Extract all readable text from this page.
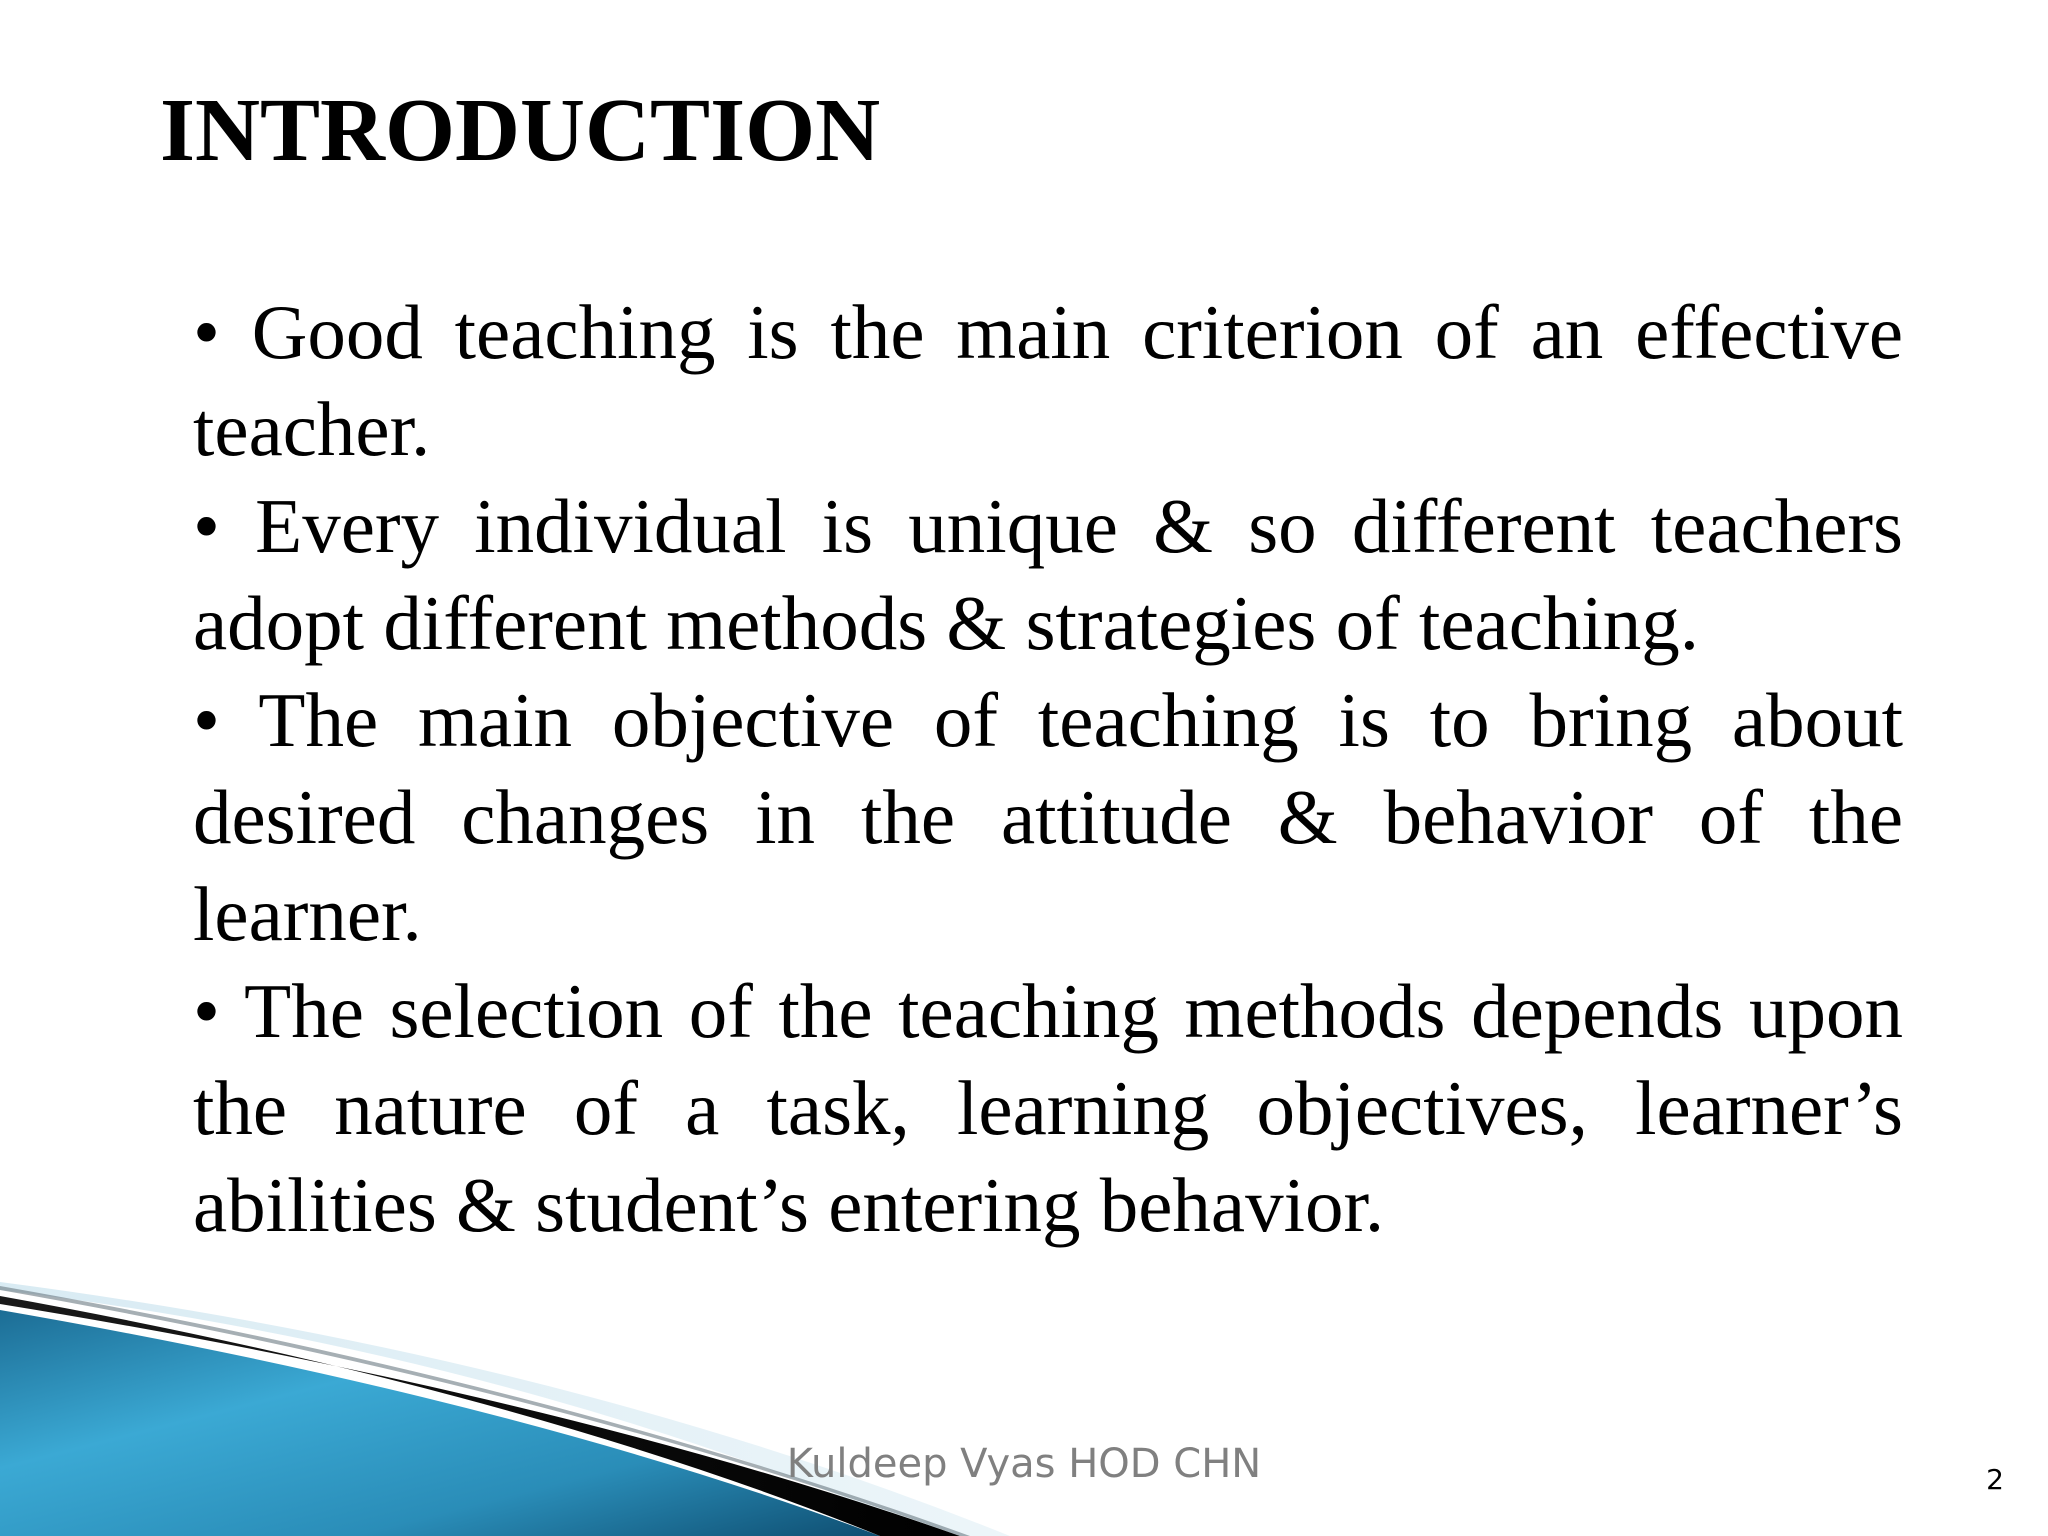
INTRODUCTION

• Good teaching is the main criterion of an effective teacher.

• Every individual is unique & so different teachers adopt different methods & strategies of teaching.

• The main objective of teaching is to bring about desired changes in the attitude & behavior of the learner.

• The selection of the teaching methods depends upon the nature of a task, learning objectives, learner’s abilities & student’s entering behavior.

Kuldeep Vyas HOD CHN	2
